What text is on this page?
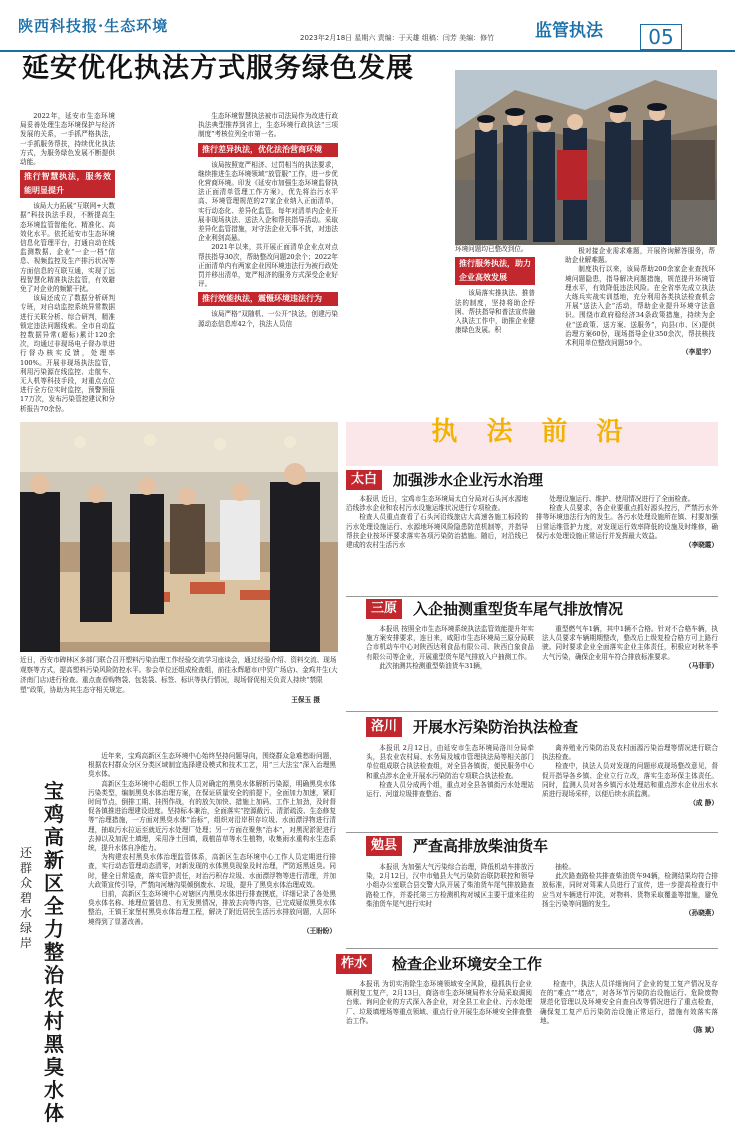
陕西科技报·生态环境
2023年2月18日 星期六 责编：于天雄 组稿：闫芳 美编：修竹 监管执法	05
延安优化执法方式服务绿色发展

2022年，延安市生态环境局妥善处理生态环境保护与经济发展的关系，一手抓严格执法，一手抓服务帮扶，持续优化执法方式，为服务绿色发展不断提供动能。

推行智慧执法，服务效能明显提升

该局大力拓展“互联网+大数据”科技执法手段，不断提高生态环境监管智能化、精准化、高效化水平。依托延安市生态环境信息化管理平台，打通自动在线监测数据、企业“一企一档”信息、视频监控及生产排污状况等方面信息的互联互通，实现了远程智慧化精准执法监管，有效避免了对企业的频繁干扰。

该局还成立了数据分析研判专班，对自动监控系统异常数据进行关联分析、综合研判，精准锁定违法问题线索。全市自动监控数据异常(超标)累计120余次，均通过非现场电子督办单进行督办核实反馈，处理率100%。开展非现场执法监管，利用污染源在线监控、走航车、无人机等科技手段，对重点点位进行全方位实时监控，预警预报17万次，发布污染管控建议和分析报告70余份。

生态环境智慧执法被市司法局作为改进行政执法典型推荐到省上，生态环境行政执法“三项制度”考核位列全市第一名。

推行差异执法，优化法治营商环境

该局按照宽严相济、过罚相当的执法要求，继续推进生态环境领域“放管服”工作，进一步优化营商环境。印发《延安市加强生态环境监督执法正面清单管理工作方案》，优先将治污水平高、环境管理规范的27家企业纳入正面清单，实行动态化、差异化监管。每年对清单内企业开展非现场执法、送法入企和帮扶指导活动。采取差异化监管措施，对守法企业无事不扰，对违法企业利剑高悬。

2021年以来，共开展正面清单企业点对点帮扶指导30次，帮助整改问题20余个；2022年正面清单内有两家企业因环境违法行为被行政处罚并移出清单，宽严相济的服务方式深受企业好评。

推行效能执法，震慑环境违法行为

该局严格“双随机、一公开”执法，创建污染源动态信息库42个，执法人员信

环境问题均已整改到位。

推行服务执法，助力企业高效发展

该局落实推执法、推普法的制度，坚持将助企纾困、帮扶指导和普法宣传融入执法工作中，助推企业健康绿色发展。积

极对接企业需求难题，开展咨询解答服务，帮助企业解难题。

制度执行以来，该局帮助200余家企业查找环境问题隐患，指导解决问题措施，规范提升环境管理水平，有效降低违法风险。在全省率先成立执法大练兵实战实训基地，充分利用各类执法检查机会开展“送法入企”活动，帮助企业提升环境守法意识。围绕市政府稳经济34条政策措施，持续为企业“送政策、送方案、送服务”，向县(市、区)提供治理方案60份，现场指导企业350余次，帮扶核技术利用单位整改问题59个。

（李星宇）
近日，西安市碑林区多部门联合召开塑料污染治理工作经验交流学习座谈会，通过经验介绍、资料交流、现场观察等方式，提高塑料污染风险防控水平。参会单位还组成检查组，前往永辉超市(中贸广场店)、金鸡井生(大济南门店)进行检查。重点查看购物袋、包装袋、标签、标识等执行情况，现场督促相关负责人持续“禁限塑”政策，协助为其生态守相关规定。
王保玉 摄
宝鸡高新区全力整治农村黑臭水体
还群众碧水绿岸

近年来，宝鸡高新区生态环境中心始终坚持问题导向，围绕群众急难愁盼问题，根据农村群众分区分类区域制宜选择建设模式和技术工艺，用“三大法宝”深入治理黑臭水体。

高新区生态环境中心组织工作人员对确定的黑臭水体解析污染源，明确黑臭水体污染类型，编制黑臭水体治理方案，在保证质量安全的前提下，全面加力加速，紧盯时间节点，倒排工期、挂图作战，有的放矢加快、措施上加码、工作上加劲，及时督促各镇推进治理建设进度。坚持标本兼治，全面落实“控源截污、清淤疏浚、生态修复等”治理措施，一方面对黑臭水体“治标”，组织对沿岸积存垃圾、水面漂浮物进行清理，抽取污水拉运至就近污水处理厂处理；另一方面在聚焦“治本”，对黑泥淤泥进行去掉以及加泥土填埋，采用净土回填，栽植苗草等水生植物，收集雨水重构水生态系统，提升水体自净能力。

为构建农村黑臭水体治理监管体系，高新区生态环境中心工作人员定期进行排查，实行动态管理动态清零，对新发现的水体黑臭现象及时治理，严防返黑返臭。同时，健全日常巡查，落实管护责任，对治污积存垃圾、水面漂浮物等进行清理，并加大政策宣传引导，严禁向河塘沟渠倾倒废水、垃圾，提升了黑臭水体治理成效。

目前，高新区生态环境中心对辖区内黑臭水体进行排查摸底，详细记录了各处黑臭水体名称、地理位置信息、有无发黑情况，排放去向等内容，已完成疑似黑臭水体整治，王镇王家堡村黑臭水体治理工程，解决了附近居民生活污水排放问题，人居环境得到了显著改善。

（王盼盼）
执 法 前 沿
太白	加强涉水企业污水治理

本报讯 近日，宝鸡市生态环境局太白分局对石头河水源地沿线涉水企业和农村污水设施运维状况进行专项检查。

检查人员重点查看了石头河沿线旅店大高速各施工标段的污水处理设施运行、水源地环境风险隐患防范机制等，并指导帮扶企业按环评要求落实各项污染防治措施。随后，对沿线已建成的农村生活污水

处理设施运行、维护、使用情况进行了全面检查。

检查人员要求，各企业要重点抓好源头控污，严禁污水外排等环境违法行为的发生。各污水处理设施所在镇、村要加强日常运维管护力度，对发现运行效率降低的设施及时维修，确保污水处理设施正常运行并发挥最大效益。

（李晓霞）
三原	入企抽测重型货车尾气排放情况

本报讯 按照全市生态环境系统执法监管效能提升年实施方案安排要求，连日来，咸阳市生态环境局三原分局联合市机动车中心对陕西达利食品有限公司、陕西白象食品有限公司等企业，开展重型货车尾气排放入户抽测工作。

此次抽测共检测重型柴油货车31辆，

重型燃气车1辆，其中1辆不合格。针对不合格车辆，执法人员要求车辆期期整改，整改后上级复检合格方可上路行驶。同时要求企业全面落实企业主体责任，积极应对秋冬季大气污染，确保企业用车符合排放标准要求。

（马菲菲）
洛川	开展水污染防治执法检查

本报讯 2月12日，由延安市生态环境局洛川分局牵头，县农业农村局、水务局及城市管理执法局等相关部门单位组成联合执法检查组，对全县各镇街，便民服务中心和重点涉水企业开展水污染防治专项联合执法检查。

检查人员分成两个组，重点对全县各镇街污水处理站运行、河道垃圾排查整治、畜

禽养殖业污染防治及农村面源污染治理等情况进行联合执法检查。

检查中，执法人员对发现的问题形成现场整改意见，督促开指导各乡镇、企业立行立改，落实生态环保主体责任。同时，监测人员对各乡镇污水处理站和重点涉水企业出水水质进行现场采样，以便后续水质监测。

（成 静）
勉县	严查高排放柴油货车

本报讯 为加强大气污染综合治理，降低机动车排放污染，2月12日，汉中市勉县大气污染防治联防联控和领导小组办公室联合县交警大队开展了柴油货车尾气排放路查路检工作，并委托第三方检测机构对城区主要干道来往的柴油货车尾气进行实时

抽检。

此次路查路检共排查柴油货车94辆，检测结果均符合排放标准，同时对驾乘人员进行了宣传，进一步提高检查行中应当对车辆进行冲洗，对物料、货物采取覆盖等措施，避免扬尘污染等问题的发生。

（孙晓燕）
柞水	检查企业环境安全工作

本报讯 为切实消除生态环境领域安全风险，稳抓执行企业顺利复工复产，2月13日，商洛市生态环境局柞水分局采取调阅台账、询问企业的方式深入各企业，对全县工业企业、污水处理厂、垃圾填埋场等重点领域、重点行业开展生态环境安全排查整治工作。

检查中，执法人员详细询问了企业的复工复产情况及存在的“难点”“堵点”，对各环节污染防治设施运行、危险废物规范化管理以及环境安全自查自改等情况进行了重点检查，确保复工复产后污染防治设施正常运行，措施有效落实落地。

（陈 斌）
